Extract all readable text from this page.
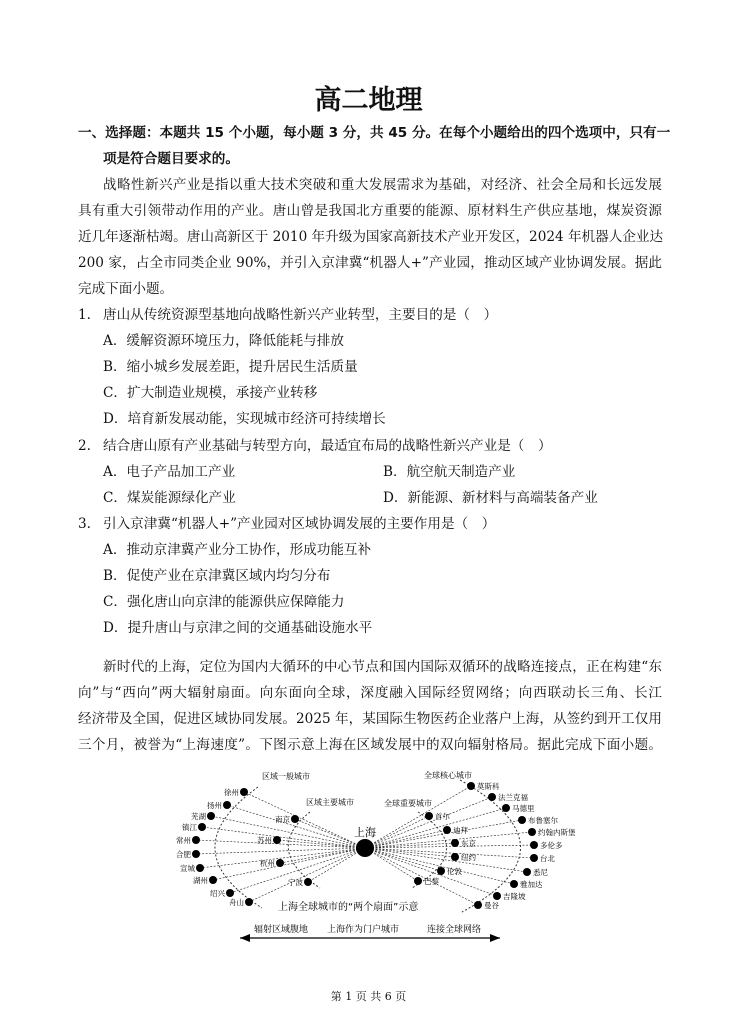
高二地理
一、选择题：本题共 15 个小题，每小题 3 分，共 45 分。在每个小题给出的四个选项中，只有一
项是符合题目要求的。
战略性新兴产业是指以重大技术突破和重大发展需求为基础，对经济、社会全局和长远发展
具有重大引领带动作用的产业。唐山曾是我国北方重要的能源、原材料生产供应基地，煤炭资源
近几年逐渐枯竭。唐山高新区于 2010 年升级为国家高新技术产业开发区，2024 年机器人企业达
200 家，占全市同类企业 90%，并引入京津冀“机器人+”产业园，推动区域产业协调发展。据此
完成下面小题。
1. 唐山从传统资源型基地向战略性新兴产业转型，主要目的是（　）
A．缓解资源环境压力，降低能耗与排放
B．缩小城乡发展差距，提升居民生活质量
C．扩大制造业规模，承接产业转移
D．培育新发展动能，实现城市经济可持续增长
2. 结合唐山原有产业基础与转型方向，最适宜布局的战略性新兴产业是（　）
A．电子产品加工产业	B．航空航天制造产业
C．煤炭能源绿化产业	D．新能源、新材料与高端装备产业
3. 引入京津冀“机器人+”产业园对区域协调发展的主要作用是（　）
A．推动京津冀产业分工协作，形成功能互补
B．促使产业在京津冀区域内均匀分布
C．强化唐山向京津的能源供应保障能力
D．提升唐山与京津之间的交通基础设施水平
新时代的上海，定位为国内大循环的中心节点和国内国际双循环的战略连接点，正在构建“东
向”与“西向”两大辐射扇面。向东面向全球，深度融入国际经贸网络；向西联动长三角、长江
经济带及全国，促进区域协同发展。2025 年，某国际生物医药企业落户上海，从签约到开工仅用
三个月，被誉为“上海速度”。下图示意上海在区域发展中的双向辐射格局。据此完成下面小题。
徐州
扬州
芜湖
镇江
常州
合肥
宣城
湖州
绍兴
舟山
南京
苏州
杭州
宁波
首尔
迪拜
东京
纽约
伦敦
巴黎
莫斯科
法兰克福
马德里
布鲁塞尔
约翰内斯堡
多伦多
台北
悉尼
雅加达
吉隆坡
曼谷
上海
区域一般城市
区域主要城市	全球重要城市
全球核心城市
上海全球城市的“两个扇面”示意
辐射区域腹地 上海作为门户城市	连接全球网络
第 1 页 共 6 页
